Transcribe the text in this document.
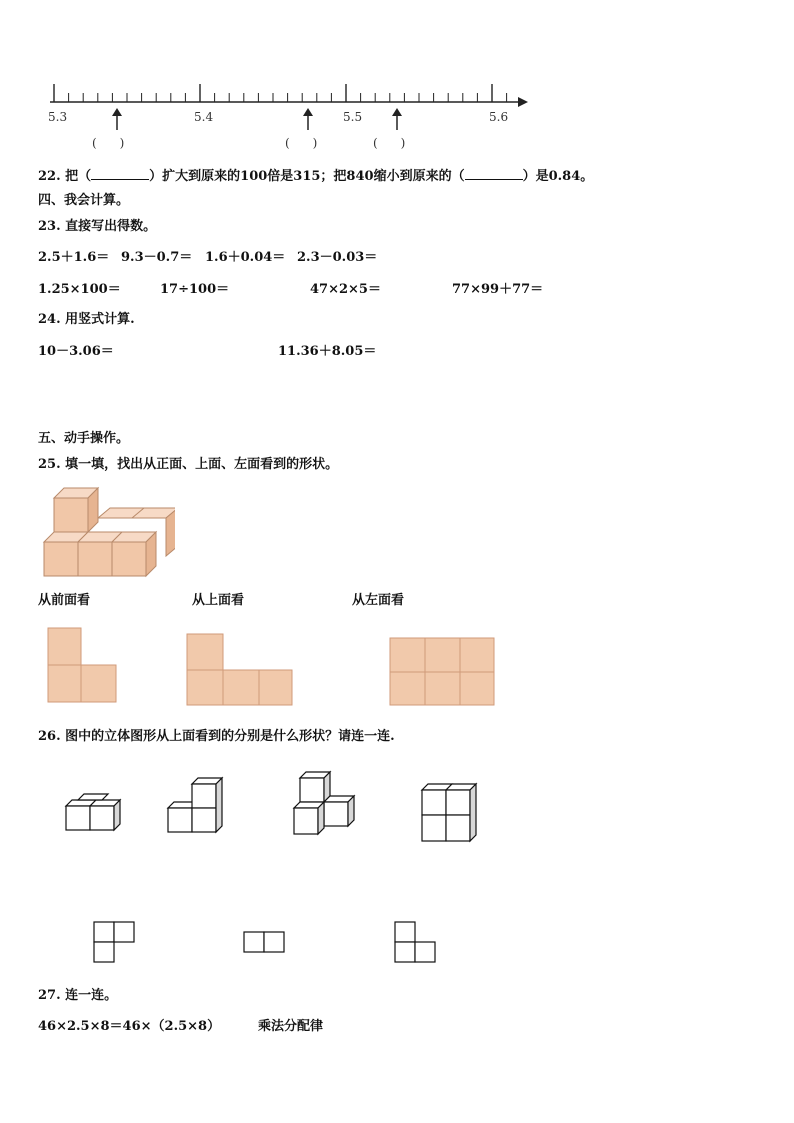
5.3	5.4	5.5	5.6
(      )	(      )	(      )
22. 把（	）扩大到原来的100倍是315；把840缩小到原来的（	）是0.84。
四、我会计算。
23. 直接写出得数。
2.5＋1.6＝ 9.3－0.7＝ 1.6＋0.04＝ 2.3－0.03＝
1.25×100＝	17÷100＝	47×2×5＝	77×99＋77＝
24. 用竖式计算.
10－3.06＝	11.36＋8.05＝
五、动手操作。
25. 填一填，找出从正面、上面、左面看到的形状。
从前面看	从上面看	从左面看
26. 图中的立体图形从上面看到的分别是什么形状？请连一连.
27. 连一连。
46×2.5×8＝46×（2.5×8）	乘法分配律
